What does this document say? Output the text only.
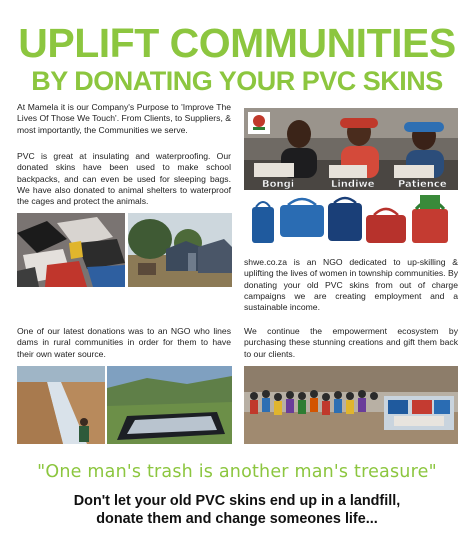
UPLIFT COMMUNITIES
BY DONATING YOUR PVC SKINS

At Mamela it is our Company's Purpose to 'Improve The Lives Of Those We Touch'. From Clients, to Suppliers, & most importantly, the Communities we serve.

PVC is great at insulating and waterproofing. Our donated skins have been used to make school backpacks, and can even be used for sleeping bags. We have also donated to animal shelters to waterproof the cages and protect the animals.

Bongi	Lindiwe Patience

shwe.co.za is an NGO dedicated to up-skilling & uplifting the lives of women in township communities. By donating your old PVC skins from out of charge campaigns we are creating employment and a sustainable income.

One of our latest donations was to an NGO who lines dams in rural communities in order for them to have their own water source.

We continue the empowerment ecosystem by purchasing these stunning creations and gift them back to our clients.

"One man's trash is another man's treasure"
Don't let your old PVC skins end up in a landfill,
donate them and change someones life...
